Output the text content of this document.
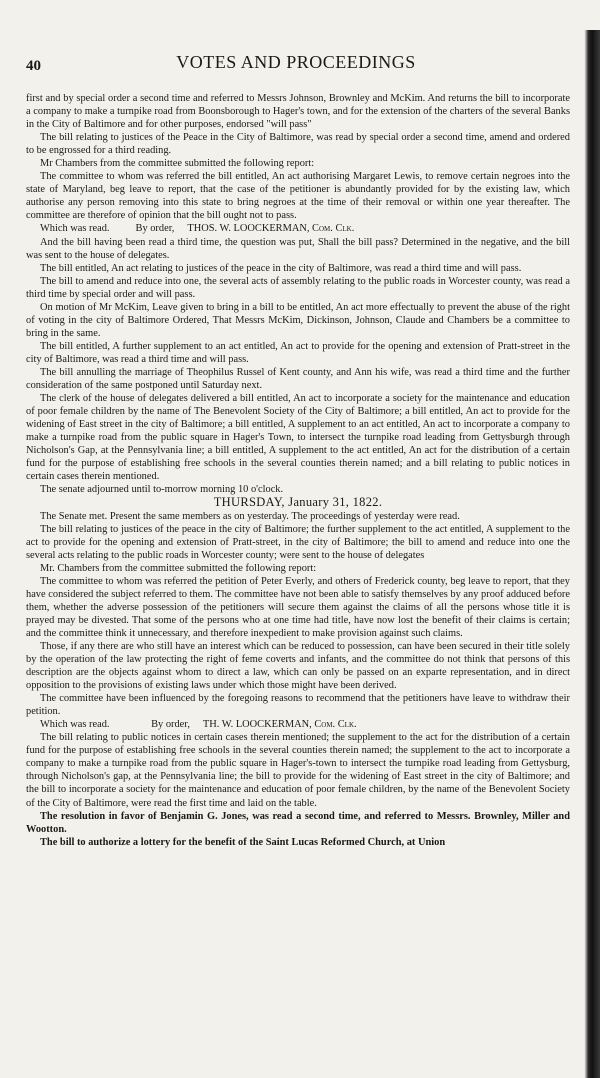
40	VOTES AND PROCEEDINGS

first and by special order a second time and referred to Messrs Johnson, Brownley and McKim. And returns the bill to incorporate a company to make a turnpike road from Boonsborough to Hager's town, and for the extension of the charters of the several Banks in the City of Baltimore and for other purposes, endorsed "will pass"

The bill relating to justices of the Peace in the City of Baltimore, was read by special order a second time, amend and ordered to be engrossed for a third reading.

Mr Chambers from the committee submitted the following report:

The committee to whom was referred the bill entitled, An act authorising Margaret Lewis, to remove certain negroes into the state of Maryland, beg leave to report, that the case of the petitioner is abundantly provided for by the existing law, which authorise any person removing into this state to bring negroes at the time of their removal or within one year thereafter. The committee are therefore of opinion that the bill ought not to pass.

Which was read. By order, THOS. W. LOOCKERMAN, Com. Clk.

And the bill having been read a third time, the question was put, Shall the bill pass? Determined in the negative, and the bill was sent to the house of delegates.

The bill entitled, An act relating to justices of the peace in the city of Baltimore, was read a third time and will pass.

The bill to amend and reduce into one, the several acts of assembly relating to the public roads in Worcester county, was read a third time by special order and will pass.

On motion of Mr McKim, Leave given to bring in a bill to be entitled, An act more effectually to prevent the abuse of the right of voting in the city of Baltimore Ordered, That Messrs McKim, Dickinson, Johnson, Claude and Chambers be a committee to bring in the same.

The bill entitled, A further supplement to an act entitled, An act to provide for the opening and extension of Pratt-street in the city of Baltimore, was read a third time and will pass.

The bill annulling the marriage of Theophilus Russel of Kent county, and Ann his wife, was read a third time and the further consideration of the same postponed until Saturday next.

The clerk of the house of delegates delivered a bill entitled, An act to incorporate a society for the maintenance and education of poor female children by the name of The Benevolent Society of the City of Baltimore; a bill entitled, An act to provide for the widening of East street in the city of Baltimore; a bill entitled, A supplement to an act entitled, An act to incorporate a company to make a turnpike road from the public square in Hager's Town, to intersect the turnpike road leading from Gettysburgh through Nicholson's Gap, at the Pennsylvania line; a bill entitled, A supplement to the act entitled, An act for the distribution of a certain fund for the purpose of establishing free schools in the several counties therein named; and a bill relating to public notices in certain cases therein mentioned.

The senate adjourned until to-morrow morning 10 o'clock.

THURSDAY, January 31, 1822.

The Senate met. Present the same members as on yesterday. The proceedings of yesterday were read.

The bill relating to justices of the peace in the city of Baltimore; the further supplement to the act entitled, A supplement to the act to provide for the opening and extension of Pratt-street, in the city of Baltimore; the bill to amend and reduce into one the several acts relating to the public roads in Worcester county; were sent to the house of delegates

Mr. Chambers from the committee submitted the following report:

The committee to whom was referred the petition of Peter Everly, and others of Frederick county, beg leave to report, that they have considered the subject referred to them. The committee have not been able to satisfy themselves by any proof adduced before them, whether the adverse possession of the petitioners will secure them against the claims of all the persons whose title it is prayed may be divested. That some of the persons who at one time had title, have now lost the benefit of their claims is certain; and the committee think it unnecessary, and therefore inexpedient to make provision against such claims.

Those, if any there are who still have an interest which can be reduced to possession, can have been secured in their title solely by the operation of the law protecting the right of feme coverts and infants, and the committee do not think that persons of this description are the objects against whom to direct a law, which can only be passed on an exparte representation, and in direct opposition to the provisions of existing laws under which those might have been derived.

The committee have been influenced by the foregoing reasons to recommend that the petitioners have leave to withdraw their petition.

Which was read.	By order, TH. W. LOOCKERMAN, Com. Clk.

The bill relating to public notices in certain cases therein mentioned; the supplement to the act for the distribution of a certain fund for the purpose of establishing free schools in the several counties therein named; the supplement to the act to incorporate a company to make a turnpike road from the public square in Hager's-town to intersect the turnpike road leading from Gettysburg, through Nicholson's gap, at the Pennsylvania line; the bill to provide for the widening of East street in the city of Baltimore; and the bill to incorporate a society for the maintenance and education of poor female children, by the name of the Benevolent Society of the City of Baltimore, were read the first time and laid on the table.

The resolution in favor of Benjamin G. Jones, was read a second time, and referred to Messrs. Brownley, Miller and Wootton.

The bill to authorize a lottery for the benefit of the Saint Lucas Reformed Church, at Union
